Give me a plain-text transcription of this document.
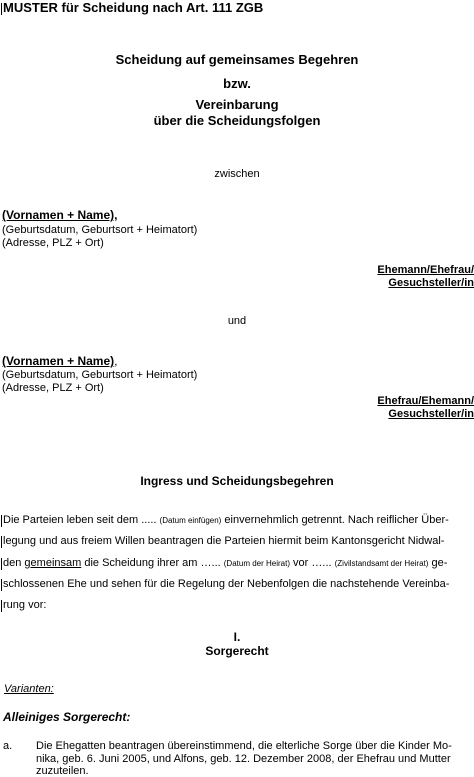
MUSTER für Scheidung nach Art. 111 ZGB
Scheidung auf gemeinsames Begehren
bzw.
Vereinbarung
über die Scheidungsfolgen
zwischen
(Vornamen + Name),
(Geburtsdatum, Geburtsort + Heimatort)
(Adresse, PLZ + Ort)
Ehemann/Ehefrau/
Gesuchsteller/in
und
(Vornamen + Name),
(Geburtsdatum, Geburtsort + Heimatort)
(Adresse, PLZ + Ort)
Ehefrau/Ehemann/
Gesuchsteller/in
Ingress und Scheidungsbegehren
Die Parteien leben seit dem ..... (Datum einfügen) einvernehmlich getrennt. Nach reiflicher Über-
legung und aus freiem Willen beantragen die Parteien hiermit beim Kantonsgericht Nidwal-
den gemeinsam die Scheidung ihrer am …... (Datum der Heirat) vor …... (Zivilstandsamt der Heirat) ge-
schlossenen Ehe und sehen für die Regelung der Nebenfolgen die nachstehende Vereinba-
rung vor:
I.
Sorgerecht
Varianten:
Alleiniges Sorgerecht:
a. Die Ehegatten beantragen übereinstimmend, die elterliche Sorge über die Kinder Mo-
nika, geb. 6. Juni 2005, und Alfons, geb. 12. Dezember 2008, der Ehefrau und Mutter
zuzuteilen.
